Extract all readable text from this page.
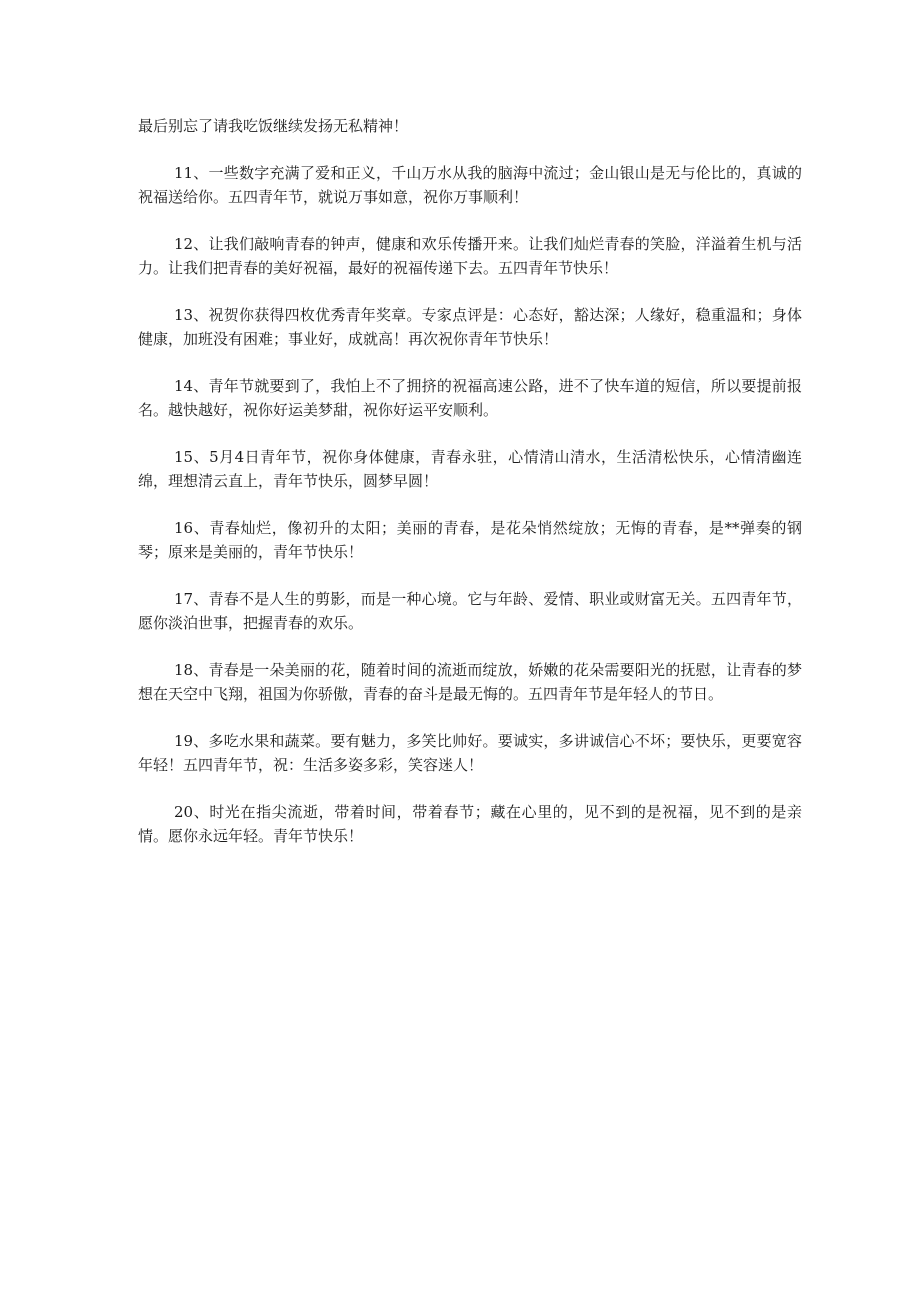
最后别忘了请我吃饭继续发扬无私精神！

11、一些数字充满了爱和正义，千山万水从我的脑海中流过；金山银山是无与伦比的，真诚的祝福送给你。五四青年节，就说万事如意，祝你万事顺利！

12、让我们敲响青春的钟声，健康和欢乐传播开来。让我们灿烂青春的笑脸，洋溢着生机与活力。让我们把青春的美好祝福，最好的祝福传递下去。五四青年节快乐！

13、祝贺你获得四枚优秀青年奖章。专家点评是：心态好，豁达深；人缘好，稳重温和；身体健康，加班没有困难；事业好，成就高！再次祝你青年节快乐！

14、青年节就要到了，我怕上不了拥挤的祝福高速公路，进不了快车道的短信，所以要提前报名。越快越好，祝你好运美梦甜，祝你好运平安顺利。

15、5月4日青年节，祝你身体健康，青春永驻，心情清山清水，生活清松快乐，心情清幽连绵，理想清云直上，青年节快乐，圆梦早圆！

16、青春灿烂，像初升的太阳；美丽的青春，是花朵悄然绽放；无悔的青春，是**弹奏的钢琴；原来是美丽的，青年节快乐！

17、青春不是人生的剪影，而是一种心境。它与年龄、爱情、职业或财富无关。五四青年节，愿你淡泊世事，把握青春的欢乐。

18、青春是一朵美丽的花，随着时间的流逝而绽放，娇嫩的花朵需要阳光的抚慰，让青春的梦想在天空中飞翔，祖国为你骄傲，青春的奋斗是最无悔的。五四青年节是年轻人的节日。

19、多吃水果和蔬菜。要有魅力，多笑比帅好。要诚实，多讲诚信心不坏；要快乐，更要宽容年轻！五四青年节，祝：生活多姿多彩，笑容迷人！

20、时光在指尖流逝，带着时间，带着春节；藏在心里的，见不到的是祝福，见不到的是亲情。愿你永远年轻。青年节快乐！
